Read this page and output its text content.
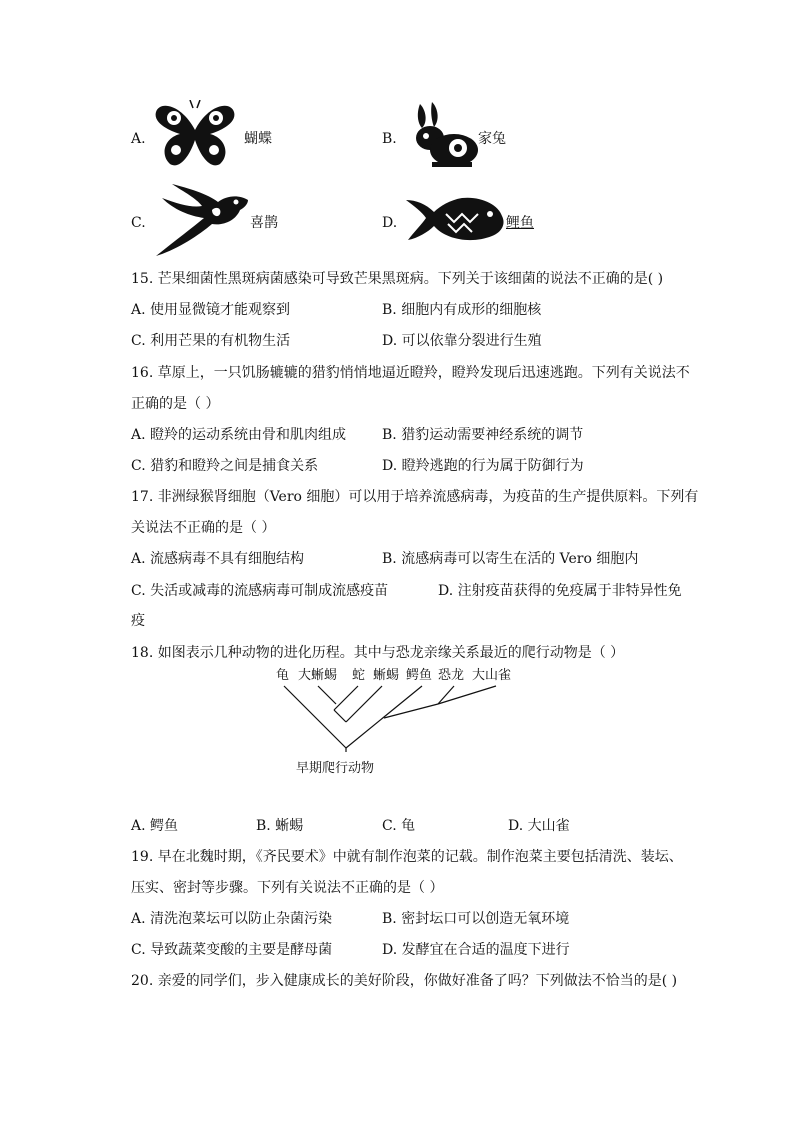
A.	蝴蝶	B.	家兔
C.	喜鹊	D.	鲤鱼
15. 芒果细菌性黑斑病菌感染可导致芒果黑斑病。下列关于该细菌的说法不正确的是( )
A. 使用显微镜才能观察到	B. 细胞内有成形的细胞核
C. 利用芒果的有机物生活	D. 可以依靠分裂进行生殖
16. 草原上，一只饥肠辘辘的猎豹悄悄地逼近瞪羚，瞪羚发现后迅速逃跑。下列有关说法不
正确的是（ ）
A. 瞪羚的运动系统由骨和肌肉组成	B. 猎豹运动需要神经系统的调节
C. 猎豹和瞪羚之间是捕食关系	D. 瞪羚逃跑的行为属于防御行为
17. 非洲绿猴肾细胞（Vero 细胞）可以用于培养流感病毒，为疫苗的生产提供原料。下列有
关说法不正确的是（ ）
A. 流感病毒不具有细胞结构	B. 流感病毒可以寄生在活的 Vero 细胞内
C. 失活或减毒的流感病毒可制成流感疫苗	D. 注射疫苗获得的免疫属于非特异性免
疫
18. 如图表示几种动物的进化历程。其中与恐龙亲缘关系最近的爬行动物是（ ）
龟 大蜥蜴 蛇 蜥蜴 鳄鱼 恐龙 大山雀
早期爬行动物
A. 鳄鱼	B. 蜥蜴	C. 龟	D. 大山雀
19. 早在北魏时期，《齐民要术》中就有制作泡菜的记载。制作泡菜主要包括清洗、装坛、
压实、密封等步骤。下列有关说法不正确的是（ ）
A. 清洗泡菜坛可以防止杂菌污染	B. 密封坛口可以创造无氧环境
C. 导致蔬菜变酸的主要是酵母菌	D. 发酵宜在合适的温度下进行
20. 亲爱的同学们，步入健康成长的美好阶段，你做好准备了吗？下列做法不恰当的是( )
